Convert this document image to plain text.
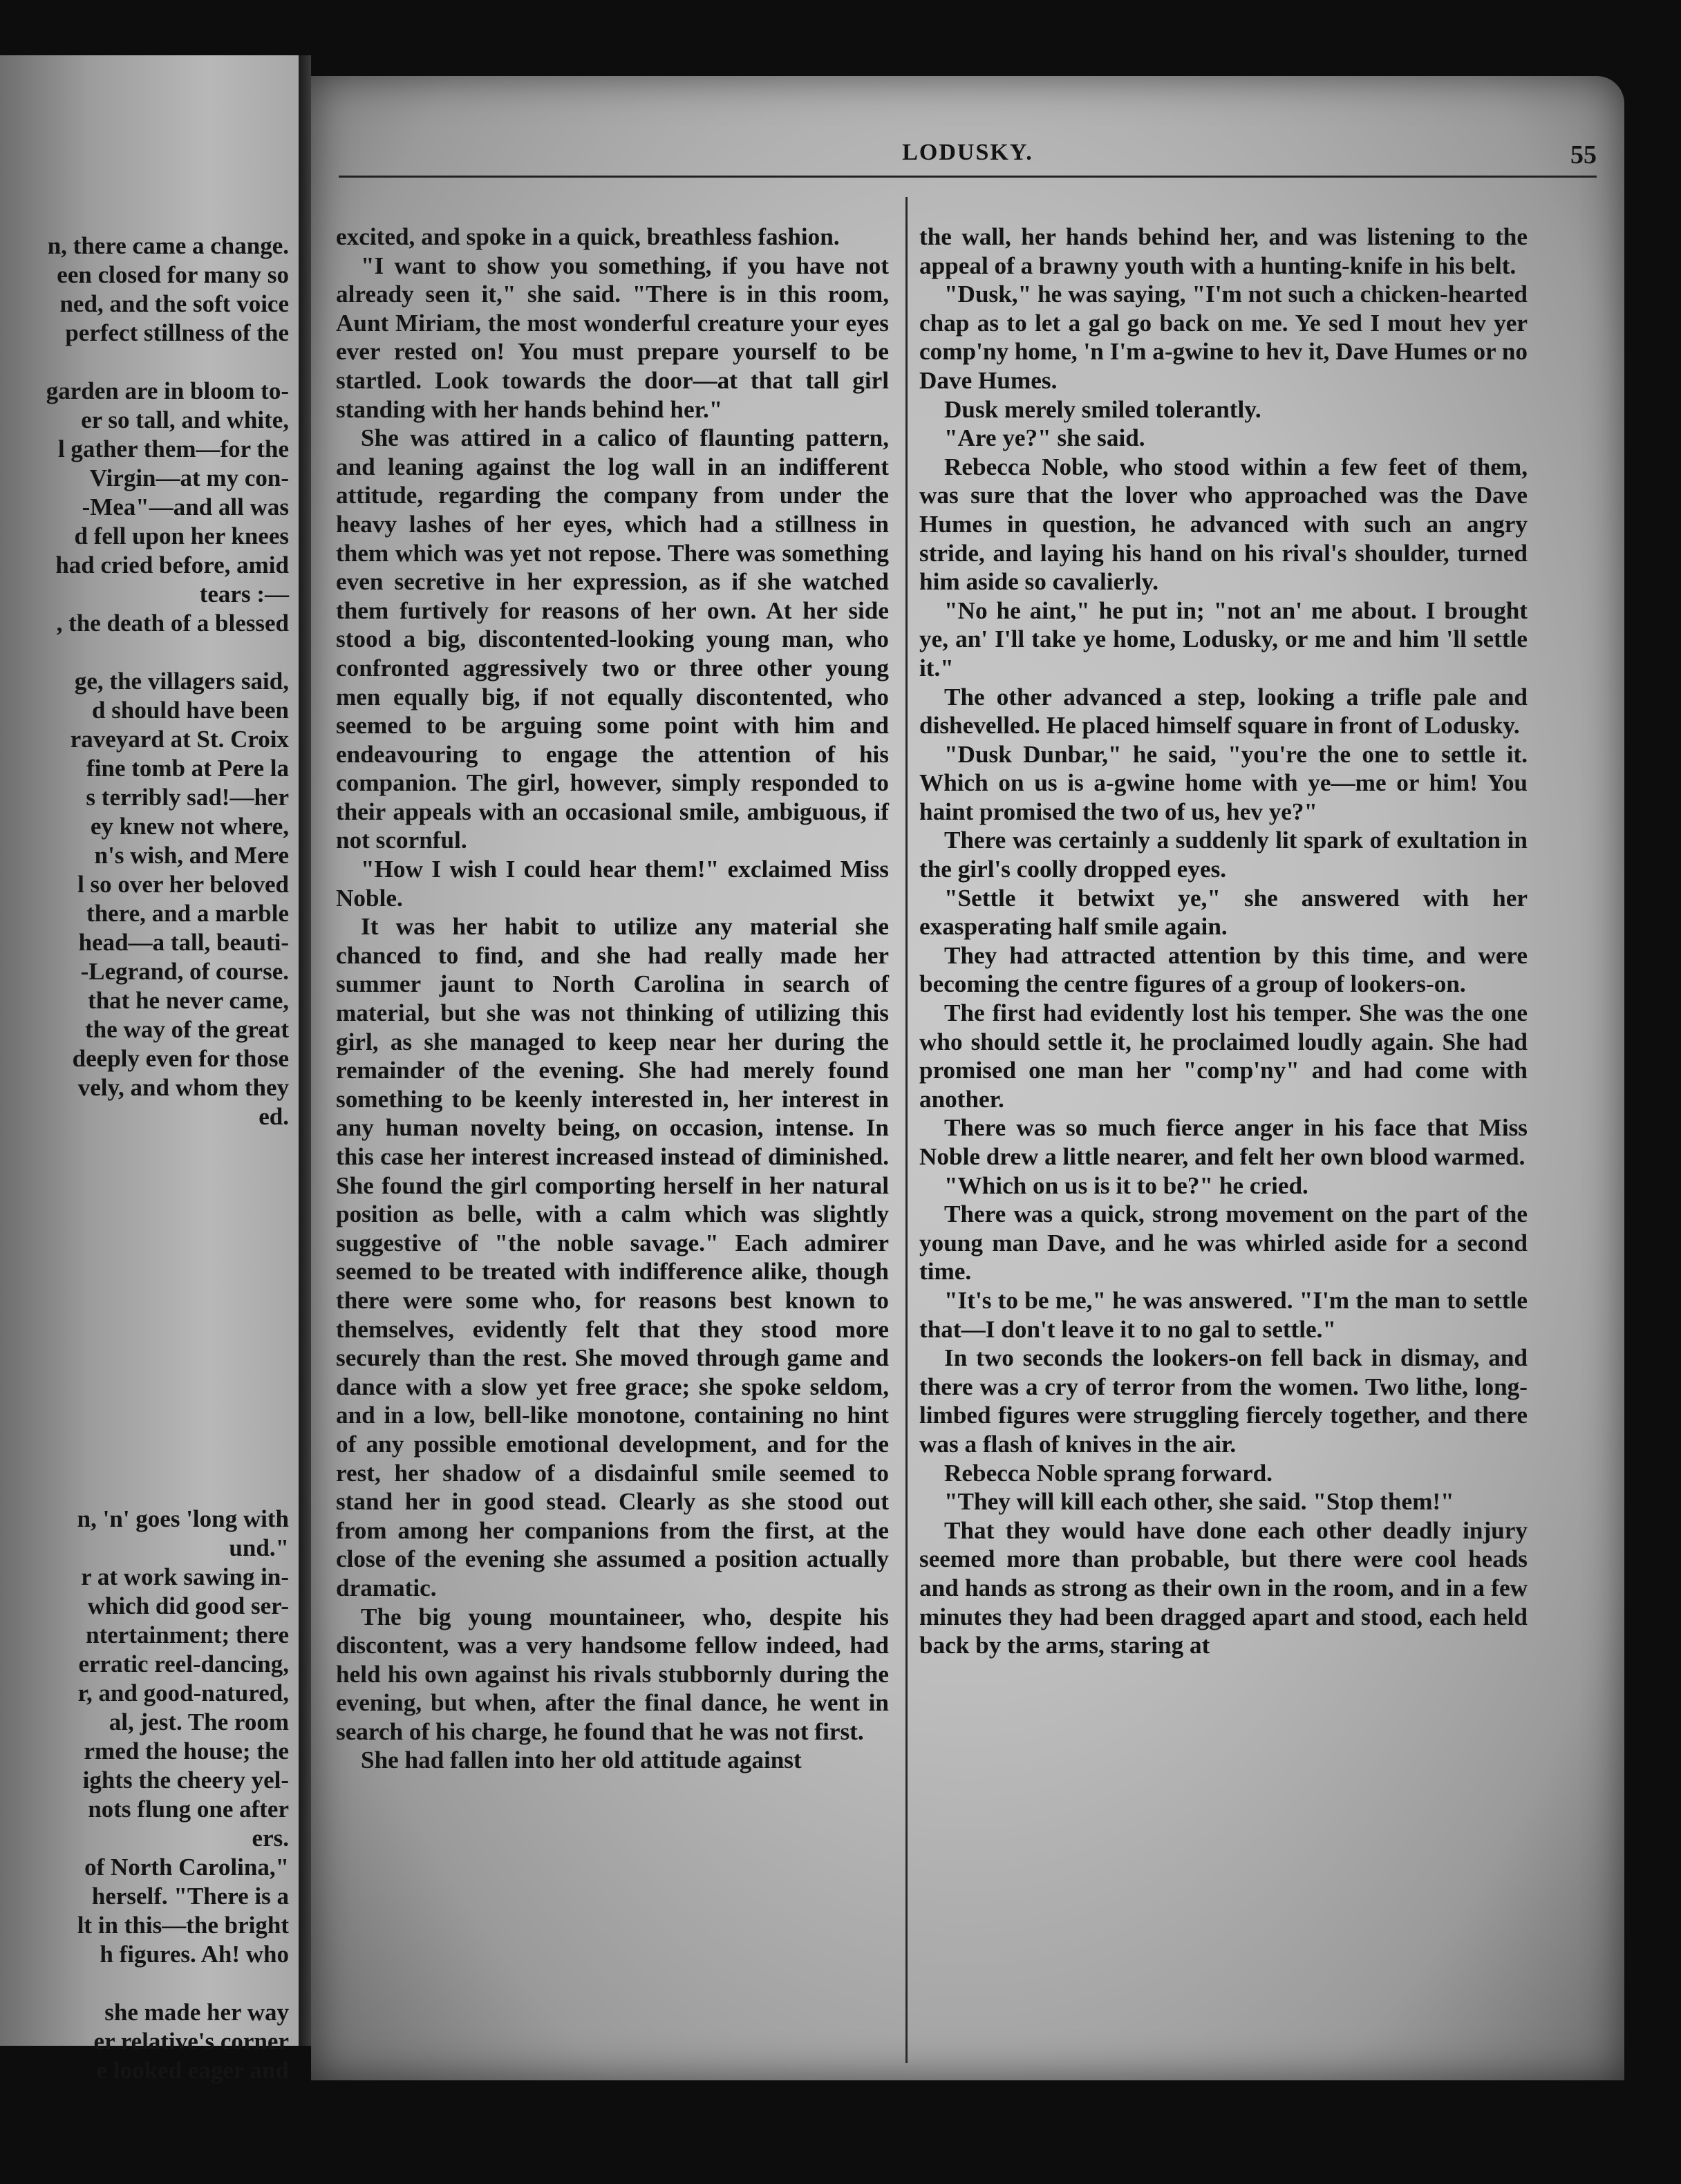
n, there came a change.

een closed for many so

ned, and the soft voice

perfect stillness of the

garden are in bloom to-

er so tall, and white,

l gather them—for the

Virgin—at my con-

-Mea"—and all was

d fell upon her knees

had cried before, amid

tears :—

, the death of a blessed

ge, the villagers said,

d should have been

raveyard at St. Croix

fine tomb at Pere la

s terribly sad!—her

ey knew not where,

n's wish, and Mere

l so over her beloved

there, and a marble

head—a tall, beauti-

-Legrand, of course.

that he never came,

the way of the great

deeply even for those

vely, and whom they

ed.

n, 'n' goes 'long with

und."

r at work sawing in-

which did good ser-

ntertainment; there

erratic reel-dancing,

r, and good-natured,

al, jest. The room

rmed the house; the

ights the cheery yel-

nots flung one after

ers.

of North Carolina,"

herself. "There is a

lt in this—the bright

h figures. Ah! who

she made her way

er relative's corner

e looked eager and

LODUSKY.	55

excited, and spoke in a quick, breathless fashion.

"I want to show you something, if you have not already seen it," she said. "There is in this room, Aunt Miriam, the most wonderful creature your eyes ever rested on! You must prepare yourself to be startled. Look towards the door—at that tall girl standing with her hands behind her."

She was attired in a calico of flaunting pattern, and leaning against the log wall in an indifferent attitude, regarding the company from under the heavy lashes of her eyes, which had a stillness in them which was yet not repose. There was something even secretive in her expression, as if she watched them furtively for reasons of her own. At her side stood a big, discontented-looking young man, who confronted aggressively two or three other young men equally big, if not equally discontented, who seemed to be arguing some point with him and endeavouring to engage the attention of his companion. The girl, however, simply responded to their appeals with an occasional smile, ambiguous, if not scornful.

"How I wish I could hear them!" exclaimed Miss Noble.

It was her habit to utilize any material she chanced to find, and she had really made her summer jaunt to North Carolina in search of material, but she was not thinking of utilizing this girl, as she managed to keep near her during the remainder of the evening. She had merely found something to be keenly interested in, her interest in any human novelty being, on occasion, intense. In this case her interest increased instead of diminished. She found the girl comporting herself in her natural position as belle, with a calm which was slightly suggestive of "the noble savage." Each admirer seemed to be treated with indifference alike, though there were some who, for reasons best known to themselves, evidently felt that they stood more securely than the rest. She moved through game and dance with a slow yet free grace; she spoke seldom, and in a low, bell-like monotone, containing no hint of any possible emotional development, and for the rest, her shadow of a disdainful smile seemed to stand her in good stead. Clearly as she stood out from among her companions from the first, at the close of the evening she assumed a position actually dramatic.

The big young mountaineer, who, despite his discontent, was a very handsome fellow indeed, had held his own against his rivals stubbornly during the evening, but when, after the final dance, he went in search of his charge, he found that he was not first.

She had fallen into her old attitude against

the wall, her hands behind her, and was listening to the appeal of a brawny youth with a hunting-knife in his belt.

"Dusk," he was saying, "I'm not such a chicken-hearted chap as to let a gal go back on me. Ye sed I mout hev yer comp'ny home, 'n I'm a-gwine to hev it, Dave Humes or no Dave Humes.

Dusk merely smiled tolerantly.

"Are ye?" she said.

Rebecca Noble, who stood within a few feet of them, was sure that the lover who approached was the Dave Humes in question, he advanced with such an angry stride, and laying his hand on his rival's shoulder, turned him aside so cavalierly.

"No he aint," he put in; "not an' me about. I brought ye, an' I'll take ye home, Lodusky, or me and him 'll settle it."

The other advanced a step, looking a trifle pale and dishevelled. He placed himself square in front of Lodusky.

"Dusk Dunbar," he said, "you're the one to settle it. Which on us is a-gwine home with ye—me or him! You haint promised the two of us, hev ye?"

There was certainly a suddenly lit spark of exultation in the girl's coolly dropped eyes.

"Settle it betwixt ye," she answered with her exasperating half smile again.

They had attracted attention by this time, and were becoming the centre figures of a group of lookers-on.

The first had evidently lost his temper. She was the one who should settle it, he proclaimed loudly again. She had promised one man her "comp'ny" and had come with another.

There was so much fierce anger in his face that Miss Noble drew a little nearer, and felt her own blood warmed.

"Which on us is it to be?" he cried.

There was a quick, strong movement on the part of the young man Dave, and he was whirled aside for a second time.

"It's to be me," he was answered. "I'm the man to settle that—I don't leave it to no gal to settle."

In two seconds the lookers-on fell back in dismay, and there was a cry of terror from the women. Two lithe, long-limbed figures were struggling fiercely together, and there was a flash of knives in the air.

Rebecca Noble sprang forward.

"They will kill each other, she said. "Stop them!"

That they would have done each other deadly injury seemed more than probable, but there were cool heads and hands as strong as their own in the room, and in a few minutes they had been dragged apart and stood, each held back by the arms, staring at
